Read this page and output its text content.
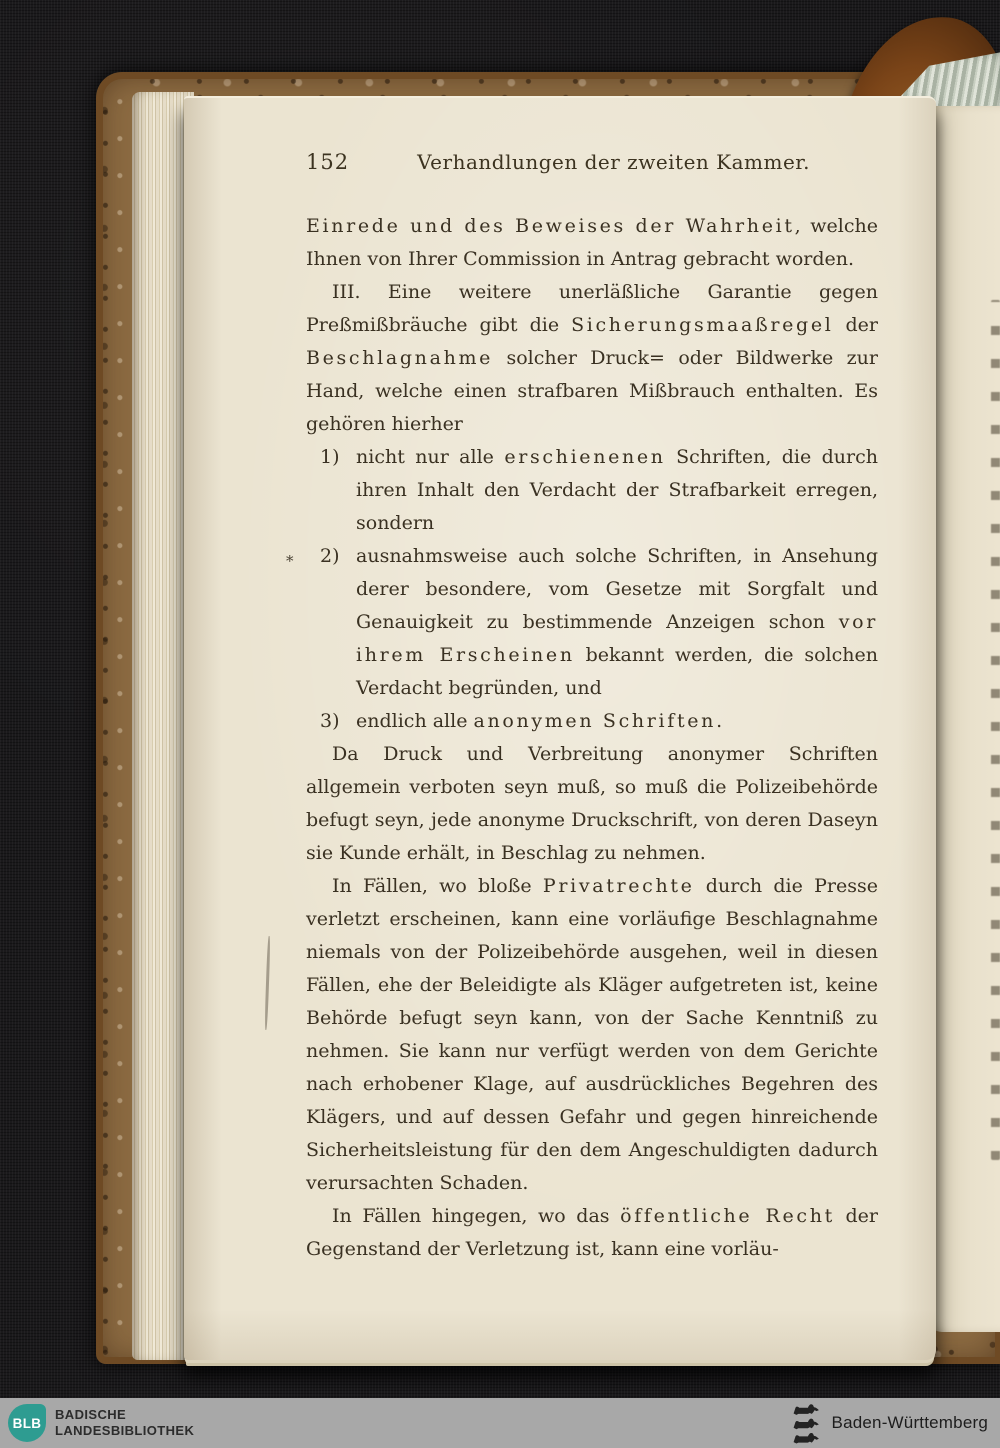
152	Verhandlungen der zweiten Kammer.
Einrede und des Beweises der Wahrheit, welche Ihnen von Ihrer Commission in Antrag gebracht worden.
III. Eine weitere unerläßliche Garantie gegen Preßmißbräuche gibt die Sicherungsmaaßregel der Beschlagnahme solcher Druck= oder Bildwerke zur Hand, welche einen strafbaren Mißbrauch enthalten. Es gehören hierher
1) nicht nur alle erschienenen Schriften, die durch ihren Inhalt den Verdacht der Strafbarkeit erregen, sondern
2)
*	ausnahmsweise auch solche Schriften, in Ansehung derer besondere, vom Gesetze mit Sorgfalt und Genauigkeit zu bestimmende Anzeigen schon vor ihrem Erscheinen bekannt werden, die solchen Verdacht begründen, und
3) endlich alle anonymen Schriften.
Da Druck und Verbreitung anonymer Schriften allgemein verboten seyn muß, so muß die Polizeibehörde befugt seyn, jede anonyme Druckschrift, von deren Daseyn sie Kunde erhält, in Beschlag zu nehmen.
In Fällen, wo bloße Privatrechte durch die Presse verletzt erscheinen, kann eine vorläufige Beschlagnahme niemals von der Polizeibehörde ausgehen, weil in diesen Fällen, ehe der Beleidigte als Kläger aufgetreten ist, keine Behörde befugt seyn kann, von der Sache Kenntniß zu nehmen. Sie kann nur verfügt werden von dem Gerichte nach erhobener Klage, auf ausdrückliches Begehren des Klägers, und auf dessen Gefahr und gegen hinreichende Sicherheitsleistung für den dem Angeschuldigten dadurch verursachten Schaden.
In Fällen hingegen, wo das öffentliche Recht der Gegenstand der Verletzung ist, kann eine vorläu-
BLB
BADISCHE
LANDESBIBLIOTHEK	Baden-Württemberg
